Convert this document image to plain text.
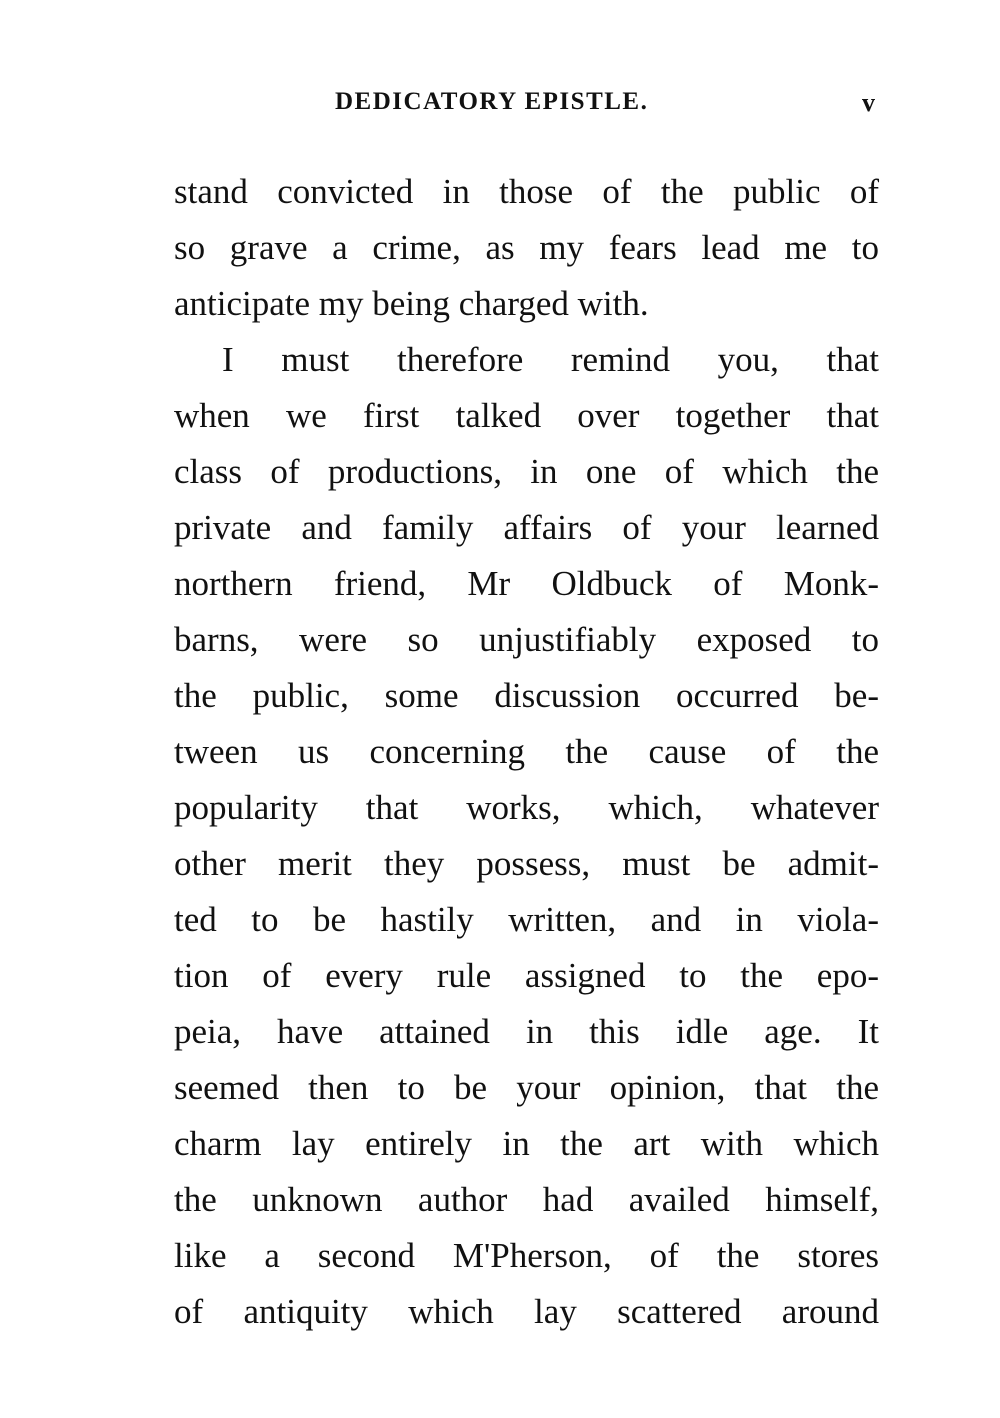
DEDICATORY EPISTLE.	v
stand convicted in those of the public of
so grave a crime, as my fears lead me to
anticipate my being charged with.
I must therefore remind you, that
when we first talked over together that
class of productions, in one of which the
private and family affairs of your learned
northern friend, Mr Oldbuck of Monk-
barns, were so unjustifiably exposed to
the public, some discussion occurred be-
tween us concerning the cause of the
popularity that works, which, whatever
other merit they possess, must be admit-
ted to be hastily written, and in viola-
tion of every rule assigned to the epo-
peia, have attained in this idle age. It
seemed then to be your opinion, that the
charm lay entirely in the art with which
the unknown author had availed himself,
like a second M'Pherson, of the stores
of antiquity which lay scattered around
